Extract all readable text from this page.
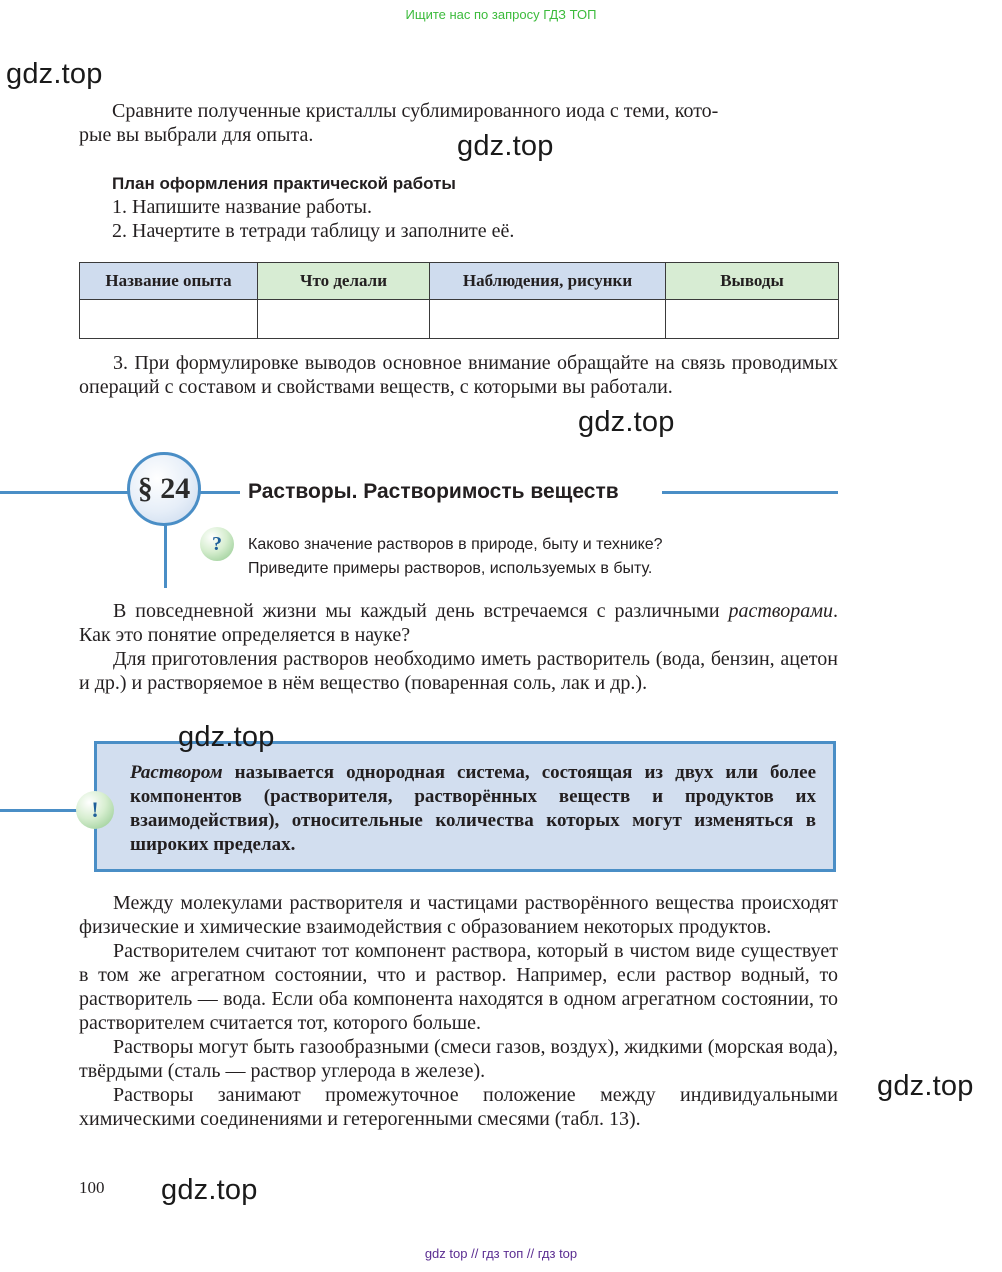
Ищите нас по запросу ГДЗ ТОП
gdz.top
gdz.top
gdz.top
Сравните полученные кристаллы сублимированного иода с теми, кото-
рые вы выбрали для опыта.
План оформления практической работы
1. Напишите название работы.
2. Начертите в тетради таблицу и заполните её.
Название опыта	Что делали	Наблюдения, рисунки	Выводы

3. При формулировке выводов основное внимание обращайте на связь проводимых операций с составом и свойствами веществ, с которыми вы работали.

§ 24	Растворы. Растворимость веществ
?	Каково значение растворов в природе, быту и технике?
Приведите примеры растворов, используемых в быту.

В повседневной жизни мы каждый день встречаемся с различными растворами. Как это понятие определяется в науке?

Для приготовления растворов необходимо иметь растворитель (вода, бензин, ацетон и др.) и растворяемое в нём вещество (поваренная соль, лак и др.).

gdz.top
Раствором называется однородная система, состоящая из двух или более компонентов (растворителя, растворённых веществ и продуктов их взаимодействия), относительные количества которых могут изменяться в широких пределах.
!

Между молекулами растворителя и частицами растворённого вещества происходят физические и химические взаимодействия с образованием некоторых продуктов.

Растворителем считают тот компонент раствора, который в чистом виде существует в том же агрегатном состоянии, что и раствор. Например, если раствор водный, то растворитель — вода. Если оба компонента находятся в одном агрегатном состоянии, то растворителем считается тот, которого больше.

Растворы могут быть газообразными (смеси газов, воздух), жидкими (морская вода), твёрдыми (сталь — раствор углерода в железе).

Растворы занимают промежуточное положение между индивидуальными химическими соединениями и гетерогенными смесями (табл. 13).

gdz.top
100 gdz.top
gdz top // гдз топ // гдз top
